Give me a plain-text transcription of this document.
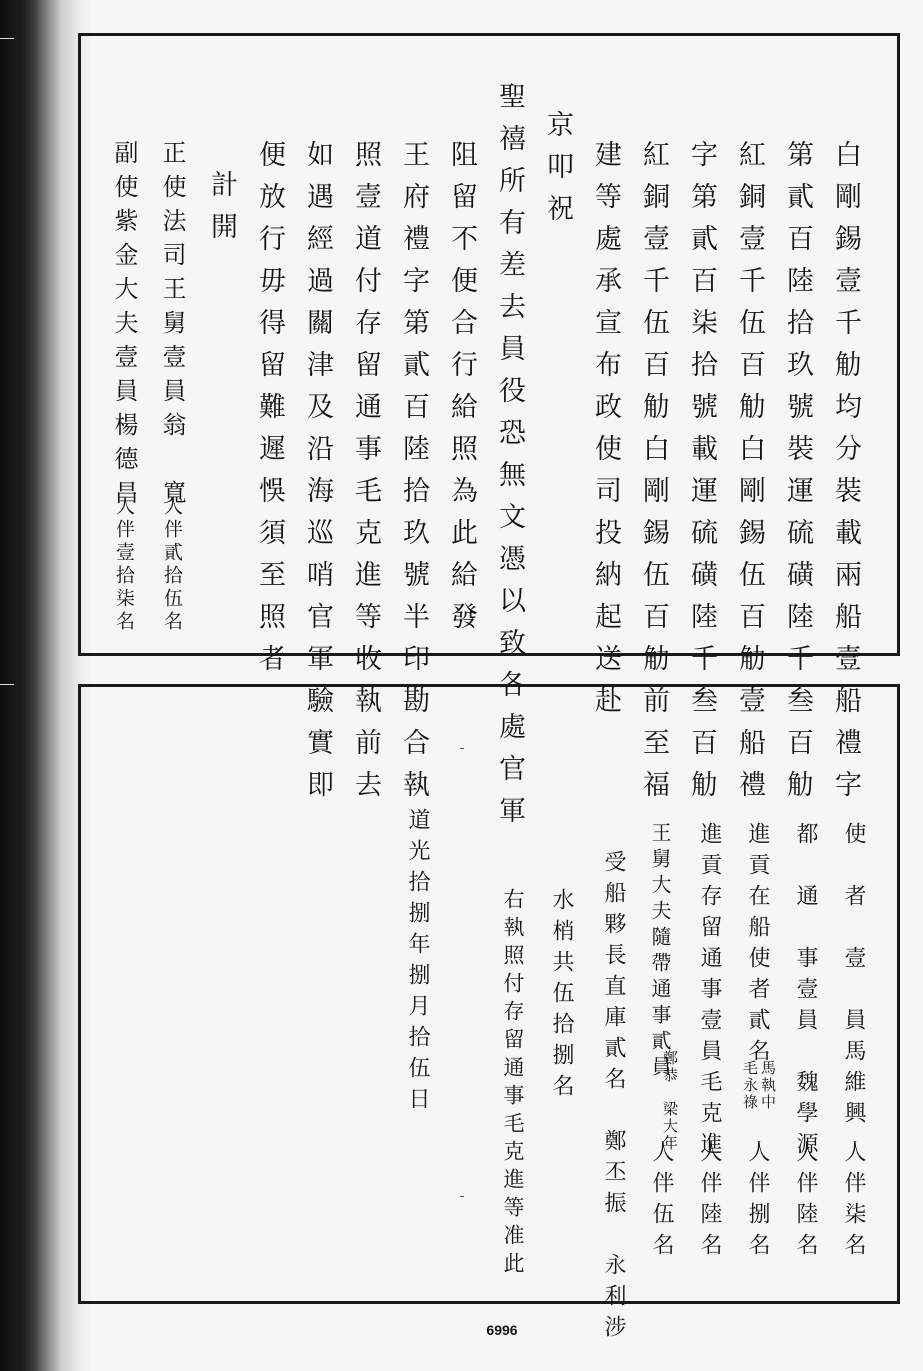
白剛錫壹千觔均分裝載兩船壹船禮字
第貳百陸拾玖號裝運硫磺陸千叁百觔
紅銅壹千伍百觔白剛錫伍百觔壹船禮
字第貳百柒拾號載運硫磺陸千叁百觔
紅銅壹千伍百觔白剛錫伍百觔前至福
建等處承宣布政使司投納起送赴
京叩祝
聖禧所有差去員役恐無文憑以致各處官軍
阻留不便合行給照為此給發
王府禮字第貳百陸拾玖號半印勘合執
照壹道付存留通事毛克進等收執前去
如遇經過關津及沿海巡哨官軍驗實即
便放行毋得留難遲悞須至照者
計開
正使法司王舅壹員翁　寬
副使紫金大夫壹員楊德昌
人伴貳拾伍名
人伴壹拾柒名
使　者　壹　員馬維興
都　通　事壹員　魏學源
進貢在船使者貳名
進貢存留通事壹員毛克進
王舅大夫隨帶通事貳員
受船夥長直庫貳名　鄭丕振　永利涉
水梢共伍拾捌名
右執照付存留通事毛克進等准此
道光拾捌年捌月拾伍日
人伴柒名
人伴陸名
人伴捌名
人伴陸名
人伴伍名
馬執中
毛永祿
鄭恭　梁大年
6996
